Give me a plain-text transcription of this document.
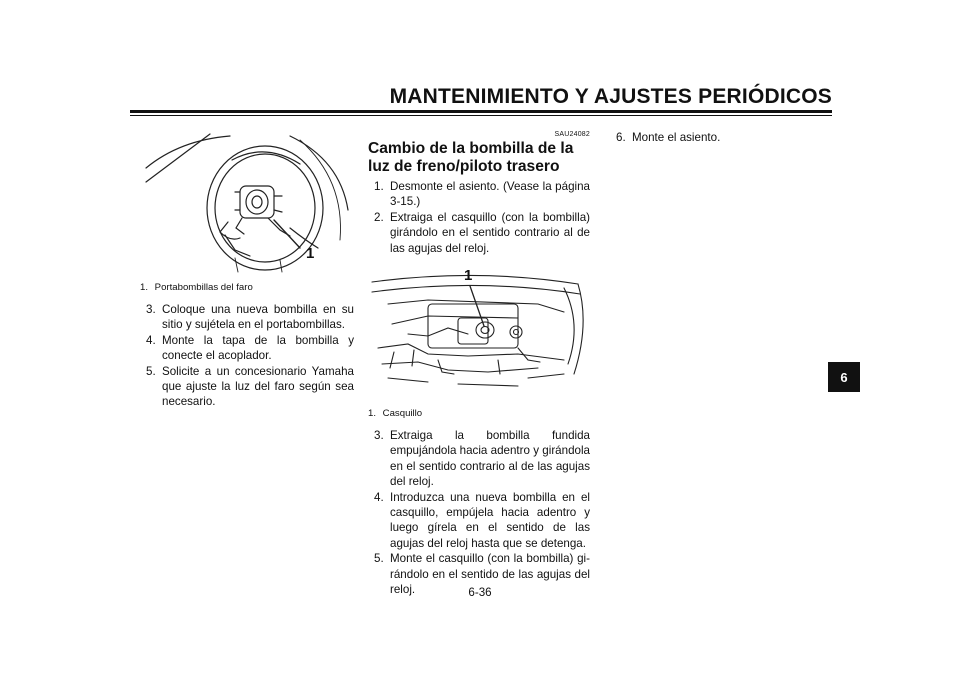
MANTENIMIENTO Y AJUSTES PERIÓDICOS
6
1
1. Portabombillas del faro
3. Coloque una nueva bombilla en su sitio y sujétela en el portabombillas.
4. Monte la tapa de la bombilla y conecte el acoplador.
5. Solicite a un concesionario Yamaha que ajuste la luz del faro según sea necesario.
SAU24082
Cambio de la bombilla de la luz de freno/piloto trasero
1. Desmonte el asiento. (Vease la página 3-15.)
2. Extraiga el casquillo (con la bombilla) girándolo en el sentido contrario al de las agujas del reloj.
1
1. Casquillo
3. Extraiga la bombilla fundida empujándola hacia adentro y girándola en el sentido contrario al de las agujas del reloj.
4. Introduzca una nueva bombilla en el casquillo, empújela hacia adentro y luego gírela en el sentido de las agujas del reloj hasta que se detenga.
5. Monte el casquillo (con la bombilla) girándolo en el sentido de las agujas del reloj.
6. Monte el asiento.
6-36
